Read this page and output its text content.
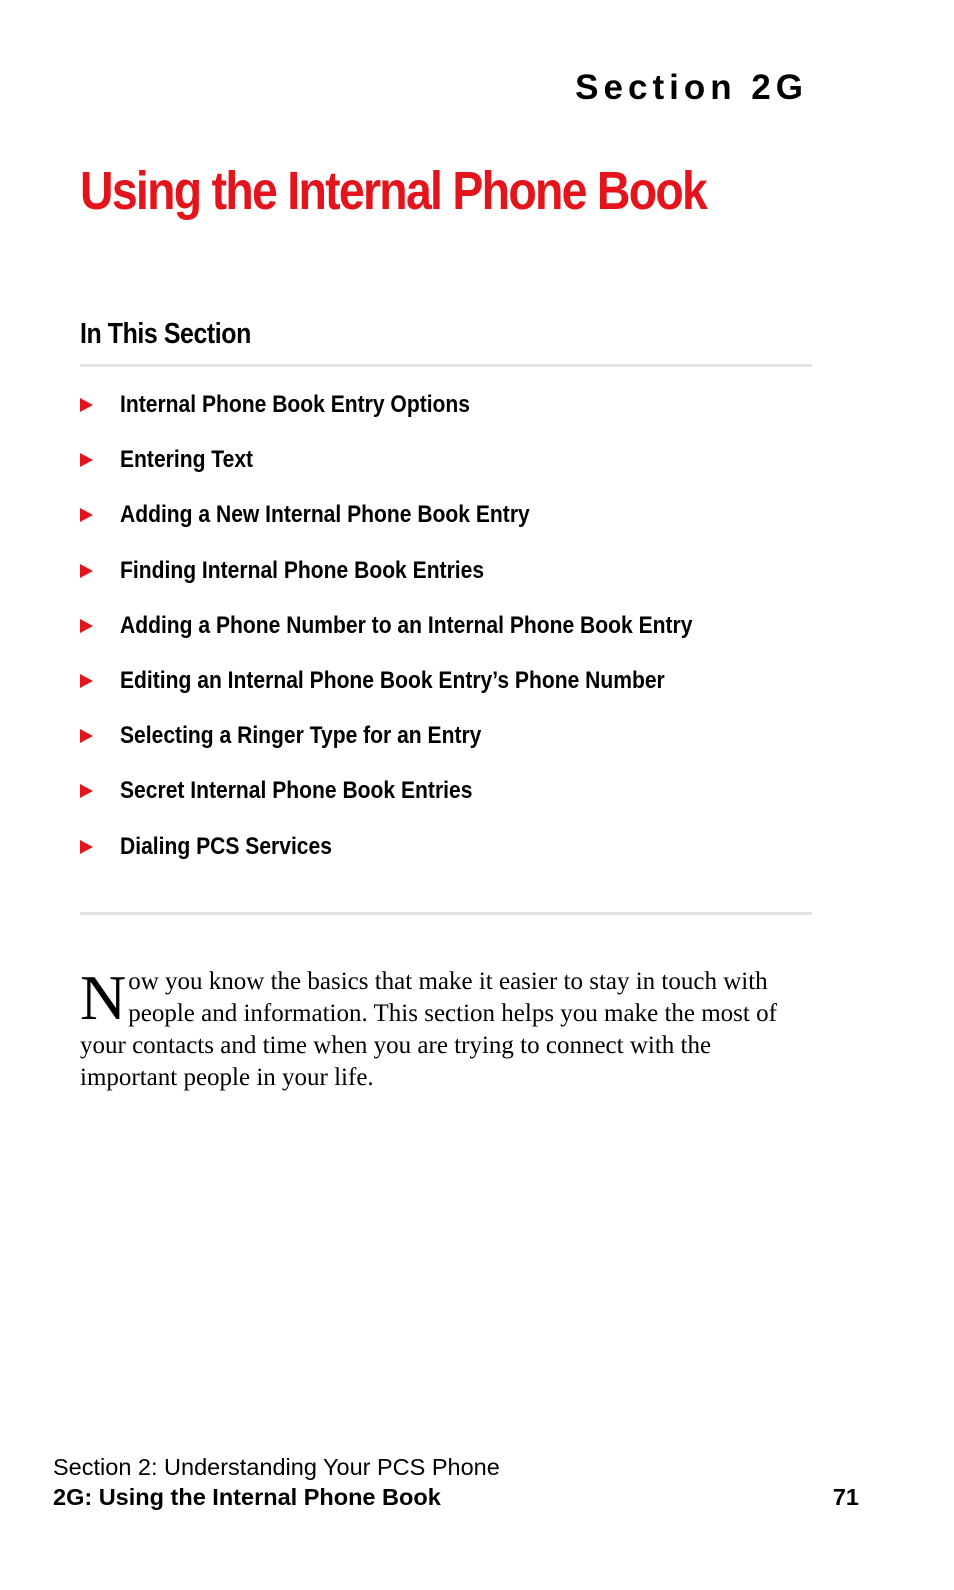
Section 2G
Using the Internal Phone Book
In This Section
Internal Phone Book Entry Options
Entering Text
Adding a New Internal Phone Book Entry
Finding Internal Phone Book Entries
Adding a Phone Number to an Internal Phone Book Entry
Editing an Internal Phone Book Entry’s Phone Number
Selecting a Ringer Type for an Entry
Secret Internal Phone Book Entries
Dialing PCS Services

Now you know the basics that make it easier to stay in touch with people and information. This section helps you make the most of your contacts and time when you are trying to connect with the important people in your life.

Section 2: Understanding Your PCS Phone
2G: Using the Internal Phone Book	71
